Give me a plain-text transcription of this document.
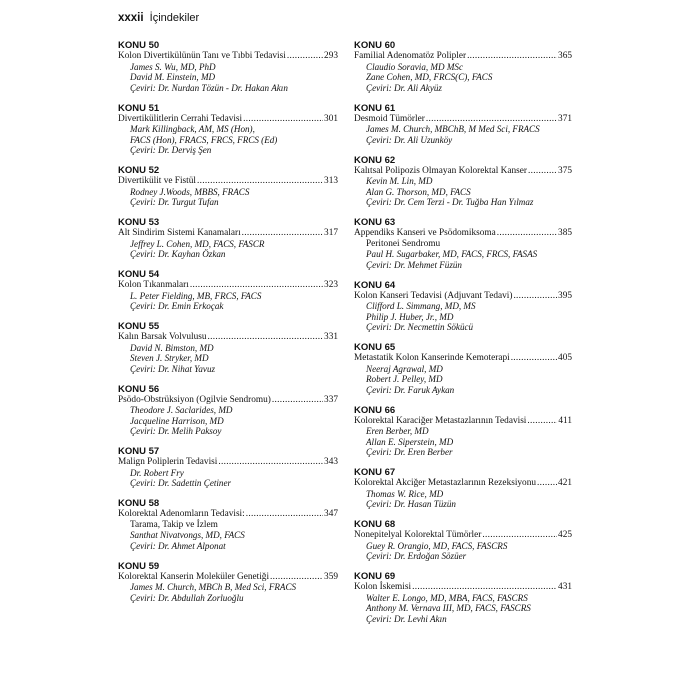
xxxii İçindekiler
KONU 50
Kolon Divertikülünün Tanı ve Tıbbi Tedavisi .....	293
James S. Wu, MD, PhD
David M. Einstein, MD
Çeviri: Dr. Nurdan Tözün - Dr. Hakan Akın
KONU 51
Divertikülitlerin Cerrahi Tedavisi .....	301
Mark Killingback, AM, MS (Hon),
FACS (Hon), FRACS, FRCS, FRCS (Ed)
Çeviri: Dr. Derviş Şen
KONU 52
Divertikülit ve Fistül .....	313
Rodney J.Woods, MBBS, FRACS
Çeviri: Dr. Turgut Tufan
KONU 53
Alt Sindirim Sistemi Kanamaları .....	317
Jeffrey L. Cohen, MD, FACS, FASCR
Çeviri: Dr. Kayhan Özkan
KONU 54
Kolon Tıkanmaları .....	323
L. Peter Fielding, MB, FRCS, FACS
Çeviri: Dr. Emin Erkoçak
KONU 55
Kalın Barsak Volvulusu .....	331
David N. Bimston, MD
Steven J. Stryker, MD
Çeviri: Dr. Nihat Yavuz
KONU 56
Psödo-Obstrüksiyon (Ogilvie Sendromu) .....	337
Theodore J. Saclarides, MD
Jacqueline Harrison, MD
Çeviri: Dr. Melih Paksoy
KONU 57
Malign Poliplerin Tedavisi .....	343
Dr. Robert Fry
Çeviri: Dr. Sadettin Çetiner
KONU 58
Kolorektal Adenomların Tedavisi: .....	347
Tarama, Takip ve İzlem
Santhat Nivatvongs, MD, FACS
Çeviri: Dr. Ahmet Alponat
KONU 59
Kolorektal Kanserin Moleküler Genetiği .....	359
James M. Church, MBCh B, Med Sci, FRACS
Çeviri: Dr. Abdullah Zorluoğlu
KONU 60
Familial Adenomatöz Polipler .....	365
Claudio Soravia, MD MSc
Zane Cohen, MD, FRCS(C), FACS
Çeviri: Dr. Ali Akyüz
KONU 61
Desmoid Tümörler .....	371
James M. Church, MBChB, M Med Sci, FRACS
Çeviri: Dr. Ali Uzunköy
KONU 62
Kalıtsal Polipozis Olmayan Kolorektal Kanser .....	375
Kevin M. Lin, MD
Alan G. Thorson, MD, FACS
Çeviri: Dr. Cem Terzi - Dr. Tuğba Han Yılmaz
KONU 63
Appendiks Kanseri ve Psödomiksoma .....	385
Peritonei Sendromu
Paul H. Sugarbaker, MD, FACS, FRCS, FASAS
Çeviri: Dr. Mehmet Füzün
KONU 64
Kolon Kanseri Tedavisi (Adjuvant Tedavi) .....	395
Clifford L. Simmang, MD, MS
Philip J. Huber, Jr., MD
Çeviri: Dr. Necmettin Sökücü
KONU 65
Metastatik Kolon Kanserinde Kemoterapi .....	405
Neeraj Agrawal, MD
Robert J. Pelley, MD
Çeviri: Dr. Faruk Aykan
KONU 66
Kolorektal Karaciğer Metastazlarının Tedavisi .....	411
Eren Berber, MD
Allan E. Siperstein, MD
Çeviri: Dr. Eren Berber
KONU 67
Kolorektal Akciğer Metastazlarının Rezeksiyonu ..... 421
Thomas W. Rice, MD
Çeviri: Dr. Hasan Tüzün
KONU 68
Nonepitelyal Kolorektal Tümörler .....	425
Guey R. Orangio, MD, FACS, FASCRS
Çeviri: Dr. Erdoğan Sözüer
KONU 69
Kolon İskemisi .....	431
Walter E. Longo, MD, MBA, FACS, FASCRS
Anthony M. Vernava III, MD, FACS, FASCRS
Çeviri: Dr. Levhi Akın
